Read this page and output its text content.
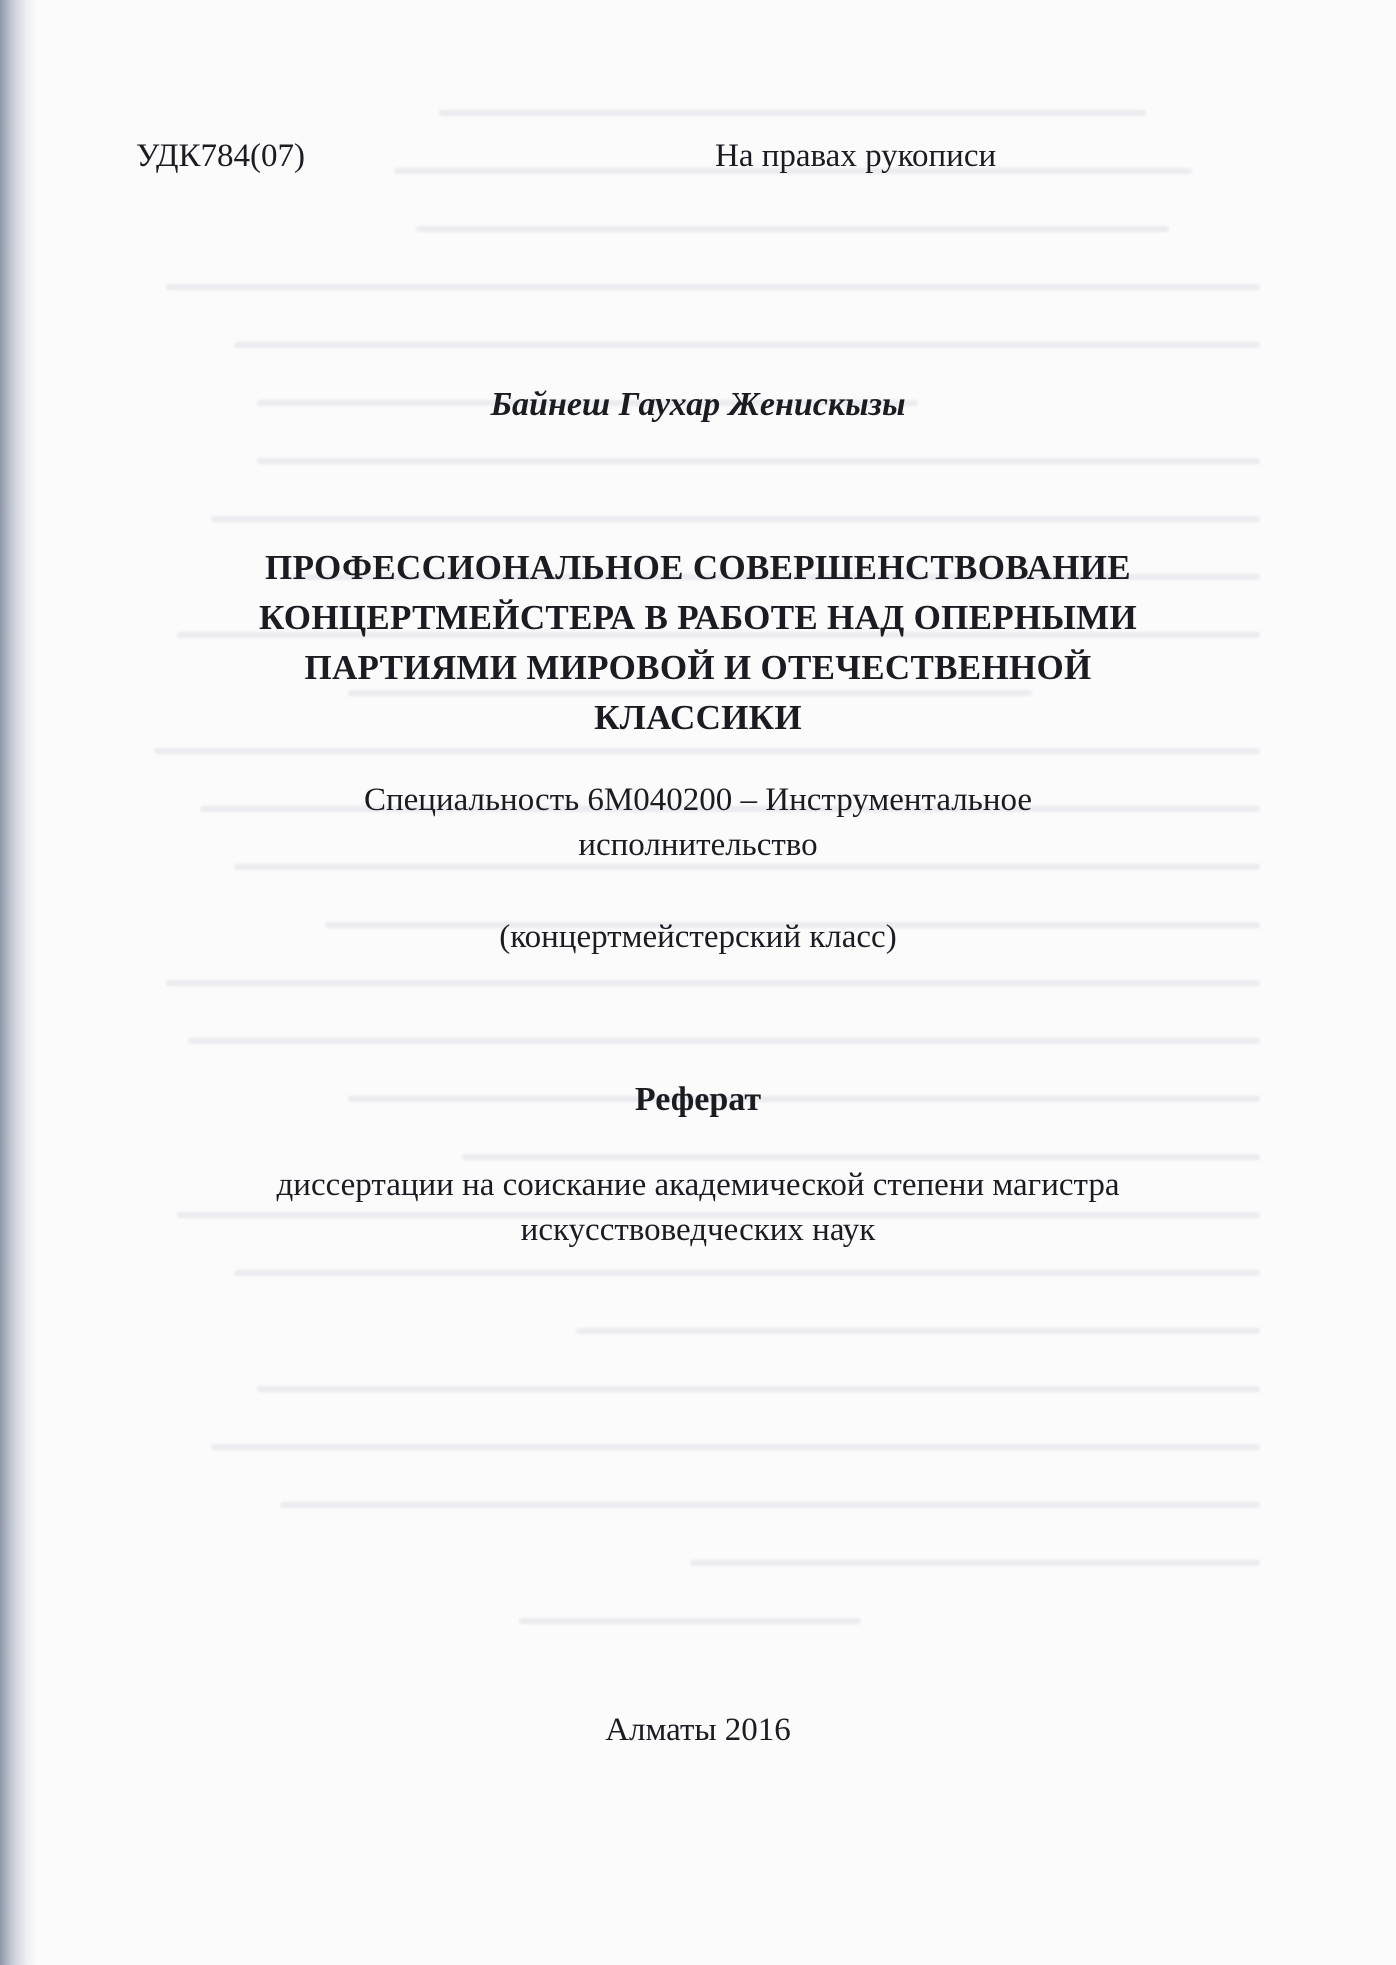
УДК784(07)	На правах рукописи
Байнеш Гаухар Женискызы
ПРОФЕССИОНАЛЬНОЕ СОВЕРШЕНСТВОВАНИЕ
КОНЦЕРТМЕЙСТЕРА В РАБОТЕ НАД ОПЕРНЫМИ
ПАРТИЯМИ МИРОВОЙ И ОТЕЧЕСТВЕННОЙ
КЛАССИКИ
Специальность 6М040200 – Инструментальное
исполнительство
(концертмейстерский класс)
Реферат
диссертации на соискание академической степени магистра
искусствоведческих наук
Алматы 2016
